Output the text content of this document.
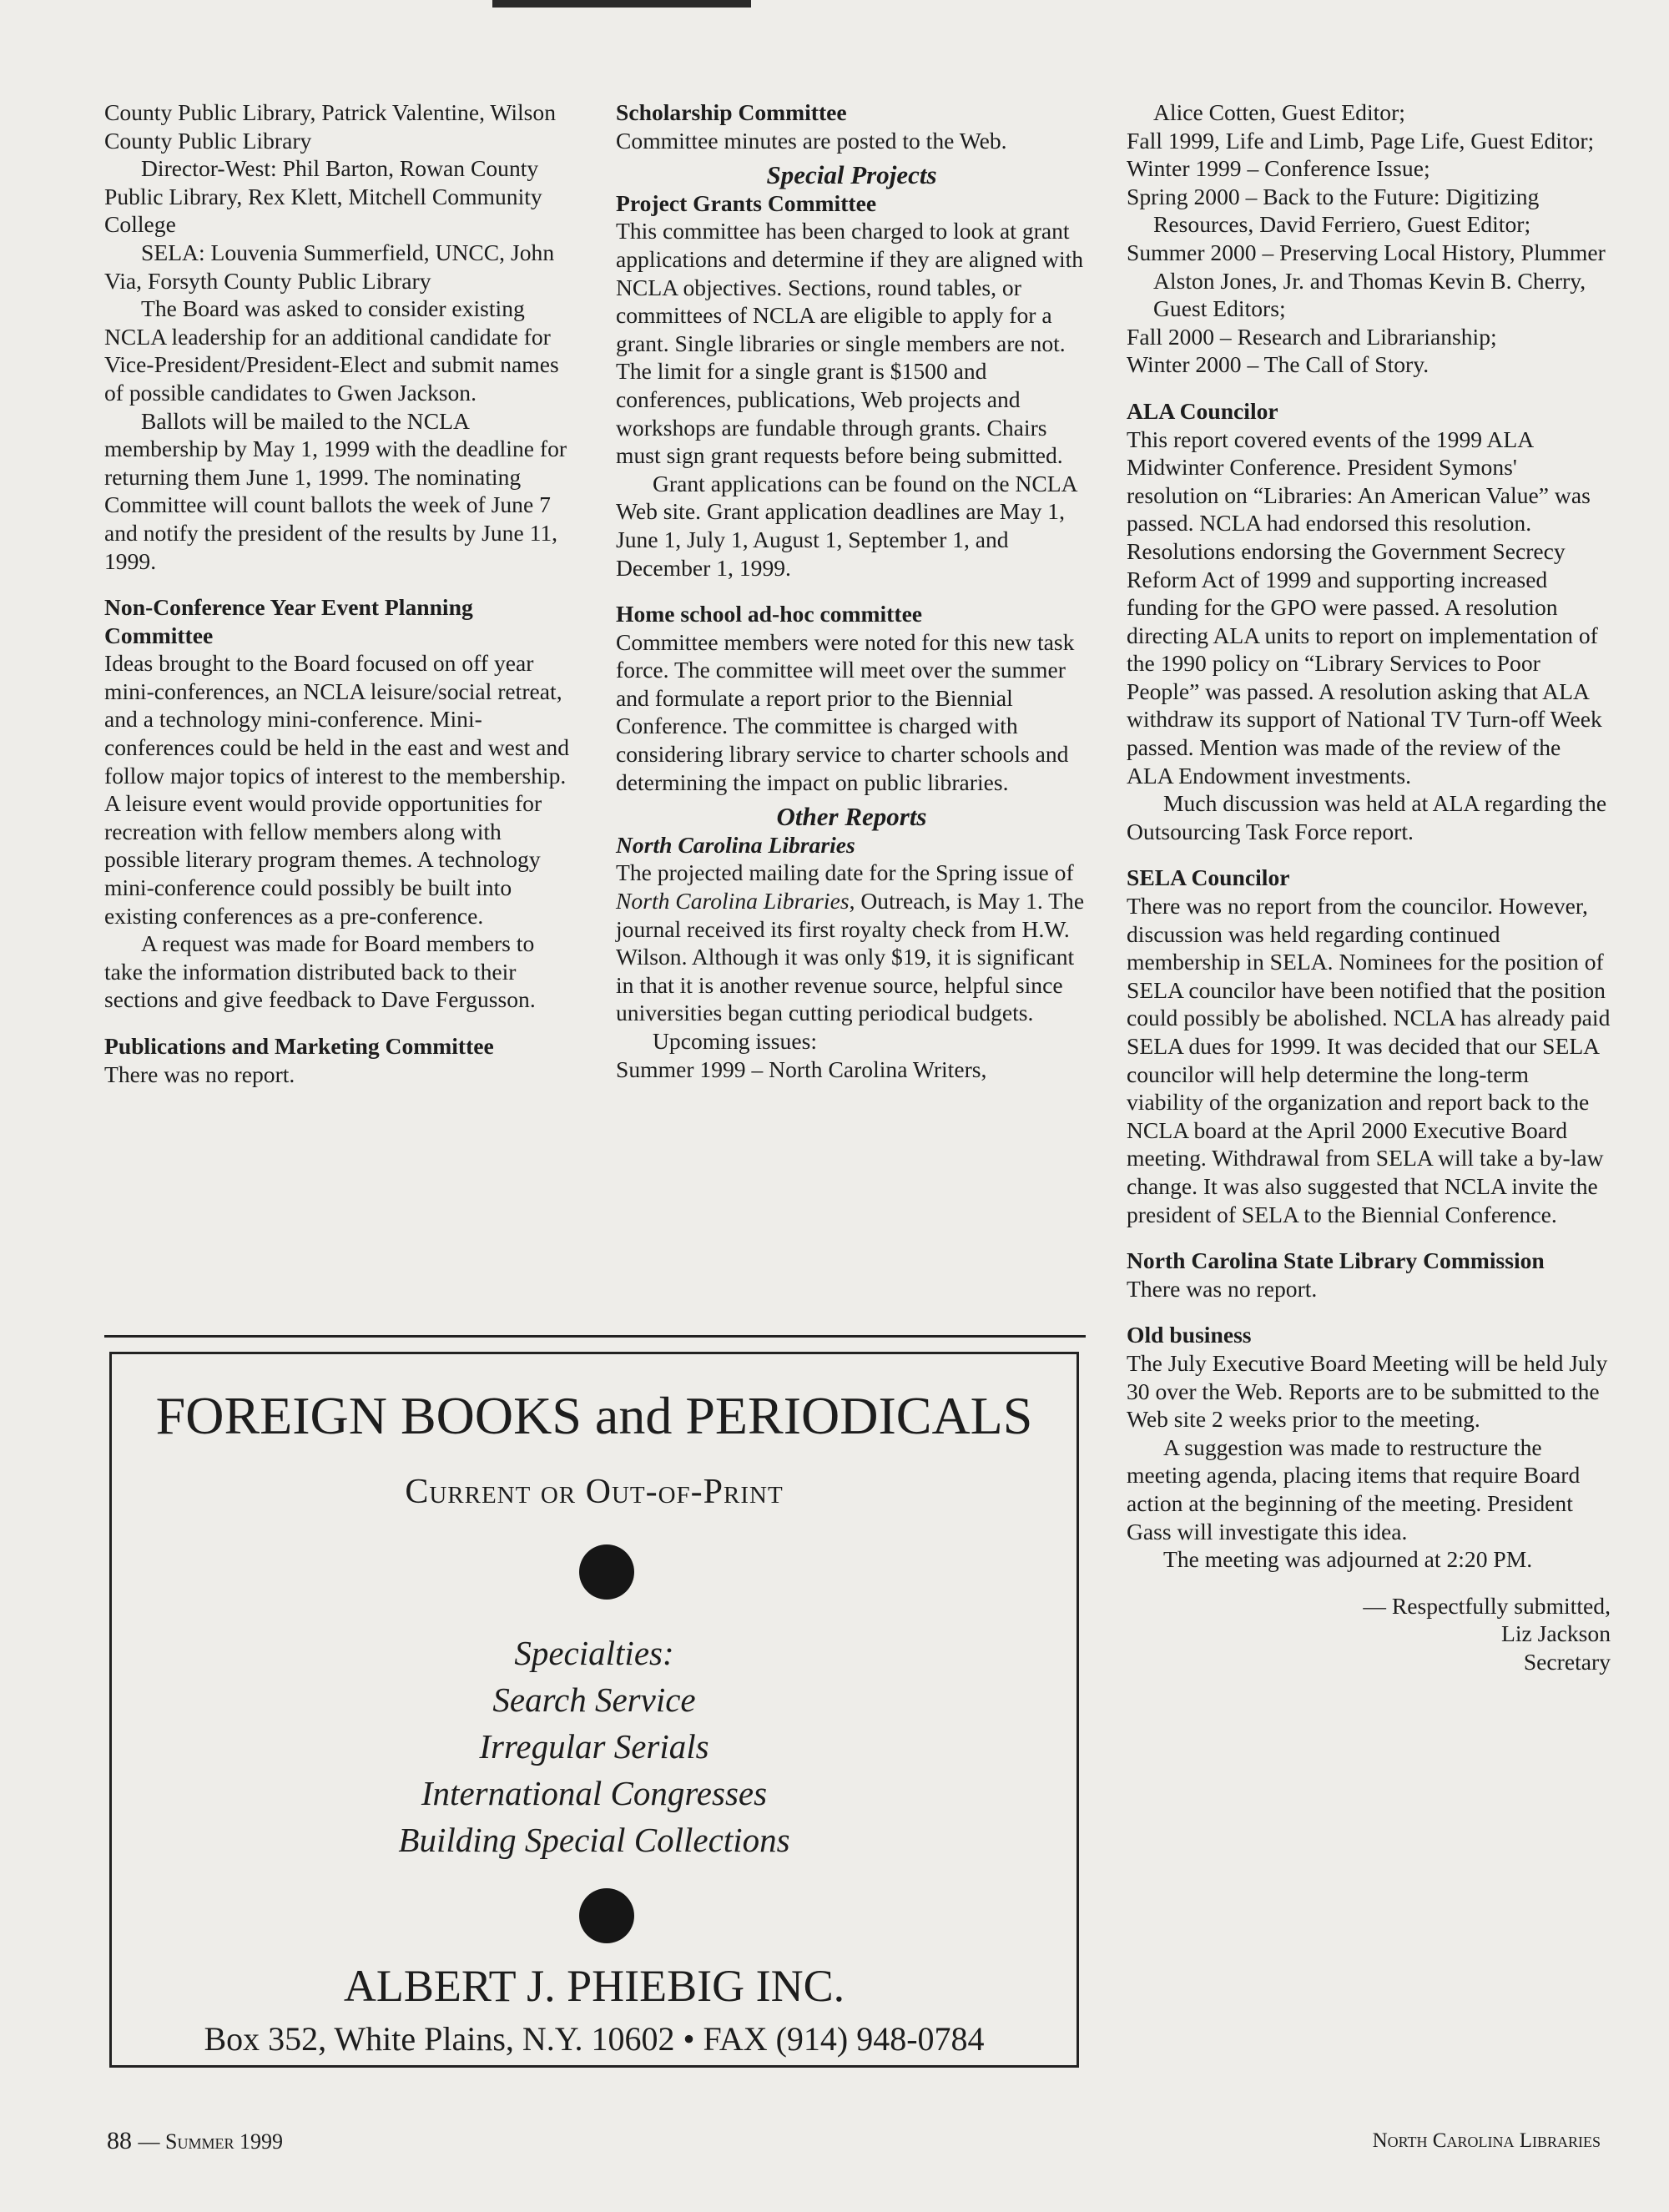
County Public Library, Patrick Valentine, Wilson County Public Library

Director-West: Phil Barton, Rowan County Public Library, Rex Klett, Mitchell Community College

SELA: Louvenia Summerfield, UNCC, John Via, Forsyth County Public Library

The Board was asked to consider existing NCLA leadership for an additional candidate for Vice-President/President-Elect and submit names of possible candidates to Gwen Jackson.

Ballots will be mailed to the NCLA membership by May 1, 1999 with the deadline for returning them June 1, 1999. The nominating Committee will count ballots the week of June 7 and notify the president of the results by June 11, 1999.

Non-Conference Year Event Planning Committee

Ideas brought to the Board focused on off year mini-conferences, an NCLA leisure/social retreat, and a technology mini-conference. Mini-conferences could be held in the east and west and follow major topics of interest to the membership. A leisure event would provide opportunities for recreation with fellow members along with possible literary program themes. A technology mini-conference could possibly be built into existing conferences as a pre-conference.

A request was made for Board members to take the information distributed back to their sections and give feedback to Dave Fergusson.

Publications and Marketing Committee

There was no report.

Scholarship Committee

Committee minutes are posted to the Web.

Special Projects

Project Grants Committee

This committee has been charged to look at grant applications and determine if they are aligned with NCLA objectives. Sections, round tables, or committees of NCLA are eligible to apply for a grant. Single libraries or single members are not. The limit for a single grant is $1500 and conferences, publications, Web projects and workshops are fundable through grants. Chairs must sign grant requests before being submitted.

Grant applications can be found on the NCLA Web site. Grant application deadlines are May 1, June 1, July 1, August 1, September 1, and December 1, 1999.

Home school ad-hoc committee

Committee members were noted for this new task force. The committee will meet over the summer and formulate a report prior to the Biennial Conference. The committee is charged with considering library service to charter schools and determining the impact on public libraries.

Other Reports

North Carolina Libraries

The projected mailing date for the Spring issue of North Carolina Libraries, Outreach, is May 1. The journal received its first royalty check from H.W. Wilson. Although it was only $19, it is significant in that it is another revenue source, helpful since universities began cutting periodical budgets.

Upcoming issues:

Summer 1999 – North Carolina Writers,

Alice Cotten, Guest Editor;

Fall 1999, Life and Limb, Page Life, Guest Editor;

Winter 1999 – Conference Issue;

Spring 2000 – Back to the Future: Digitizing Resources, David Ferriero, Guest Editor;

Summer 2000 – Preserving Local History, Plummer Alston Jones, Jr. and Thomas Kevin B. Cherry, Guest Editors;

Fall 2000 – Research and Librarianship;

Winter 2000 – The Call of Story.

ALA Councilor

This report covered events of the 1999 ALA Midwinter Conference. President Symons' resolution on “Libraries: An American Value” was passed. NCLA had endorsed this resolution. Resolutions endorsing the Government Secrecy Reform Act of 1999 and supporting increased funding for the GPO were passed. A resolution directing ALA units to report on implementation of the 1990 policy on “Library Services to Poor People” was passed. A resolution asking that ALA withdraw its support of National TV Turn-off Week passed. Mention was made of the review of the ALA Endowment investments.

Much discussion was held at ALA regarding the Outsourcing Task Force report.

SELA Councilor

There was no report from the councilor. However, discussion was held regarding continued membership in SELA. Nominees for the position of SELA councilor have been notified that the position could possibly be abolished. NCLA has already paid SELA dues for 1999. It was decided that our SELA councilor will help determine the long-term viability of the organization and report back to the NCLA board at the April 2000 Executive Board meeting. Withdrawal from SELA will take a by-law change. It was also suggested that NCLA invite the president of SELA to the Biennial Conference.

North Carolina State Library Commission

There was no report.

Old business

The July Executive Board Meeting will be held July 30 over the Web. Reports are to be submitted to the Web site 2 weeks prior to the meeting.

A suggestion was made to restructure the meeting agenda, placing items that require Board action at the beginning of the meeting. President Gass will investigate this idea.

The meeting was adjourned at 2:20 PM.

— Respectfully submitted,

Liz Jackson

Secretary

FOREIGN BOOKS and PERIODICALS
Current or Out-of-Print
Specialties:
Search Service
Irregular Serials
International Congresses
Building Special Collections
ALBERT J. PHIEBIG INC.
Box 352, White Plains, N.Y. 10602 • FAX (914) 948-0784
88 — Summer 1999	North Carolina Libraries
